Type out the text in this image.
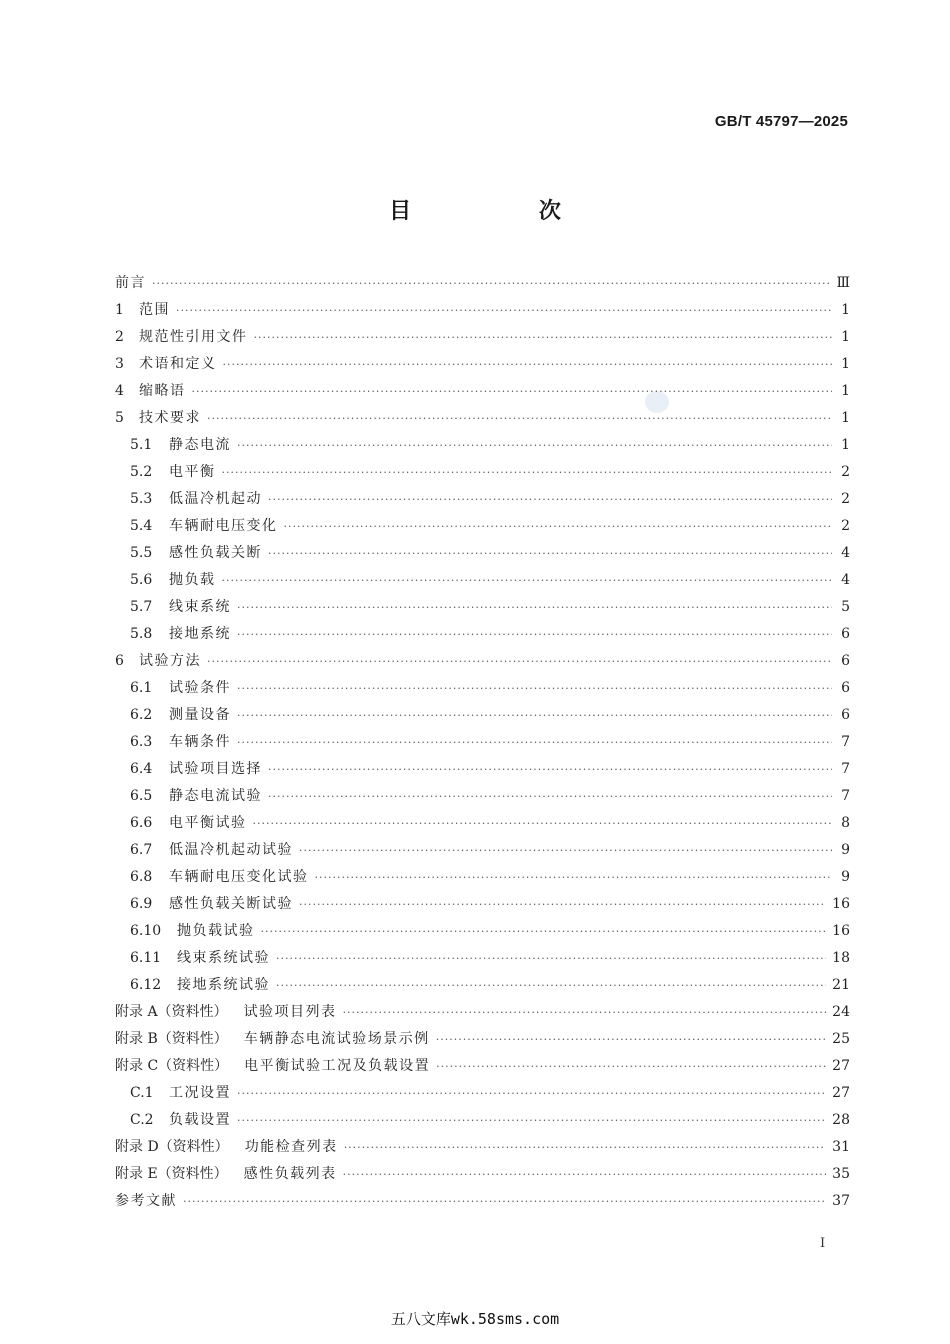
GB/T 45797—2025
目 次
前言 ·····	Ⅲ
1	范围 ·····	1
2	规范性引用文件 ·····	1
3	术语和定义 ·····	1
4	缩略语 ·····	1
5	技术要求 ·····	1
5.1	静态电流 ·····	1
5.2	电平衡 ·····	2
5.3	低温冷机起动 ·····	2
5.4	车辆耐电压变化 ·····	2
5.5	感性负载关断 ·····	4
5.6	抛负载 ·····	4
5.7	线束系统 ·····	5
5.8	接地系统 ·····	6
6	试验方法 ·····	6
6.1	试验条件 ·····	6
6.2	测量设备 ·····	6
6.3	车辆条件 ·····	7
6.4	试验项目选择 ·····	7
6.5	静态电流试验 ·····	7
6.6	电平衡试验 ·····	8
6.7	低温冷机起动试验 ·····	9
6.8	车辆耐电压变化试验 ·····	9
6.9	感性负载关断试验 ·····	16
6.10	抛负载试验 ·····	16
6.11	线束系统试验 ·····	18
6.12	接地系统试验 ·····	21
附录 A（资料性） 试验项目列表 ·····	24
附录 B（资料性） 车辆静态电流试验场景示例 ·····	25
附录 C（资料性） 电平衡试验工况及负载设置 ·····	27
C.1	工况设置 ·····	27
C.2	负载设置 ·····	28
附录 D（资料性） 功能检查列表 ·····	31
附录 E（资料性） 感性负载列表 ·····	35
参考文献 ·····	37
I
五八文库wk.58sms.com
